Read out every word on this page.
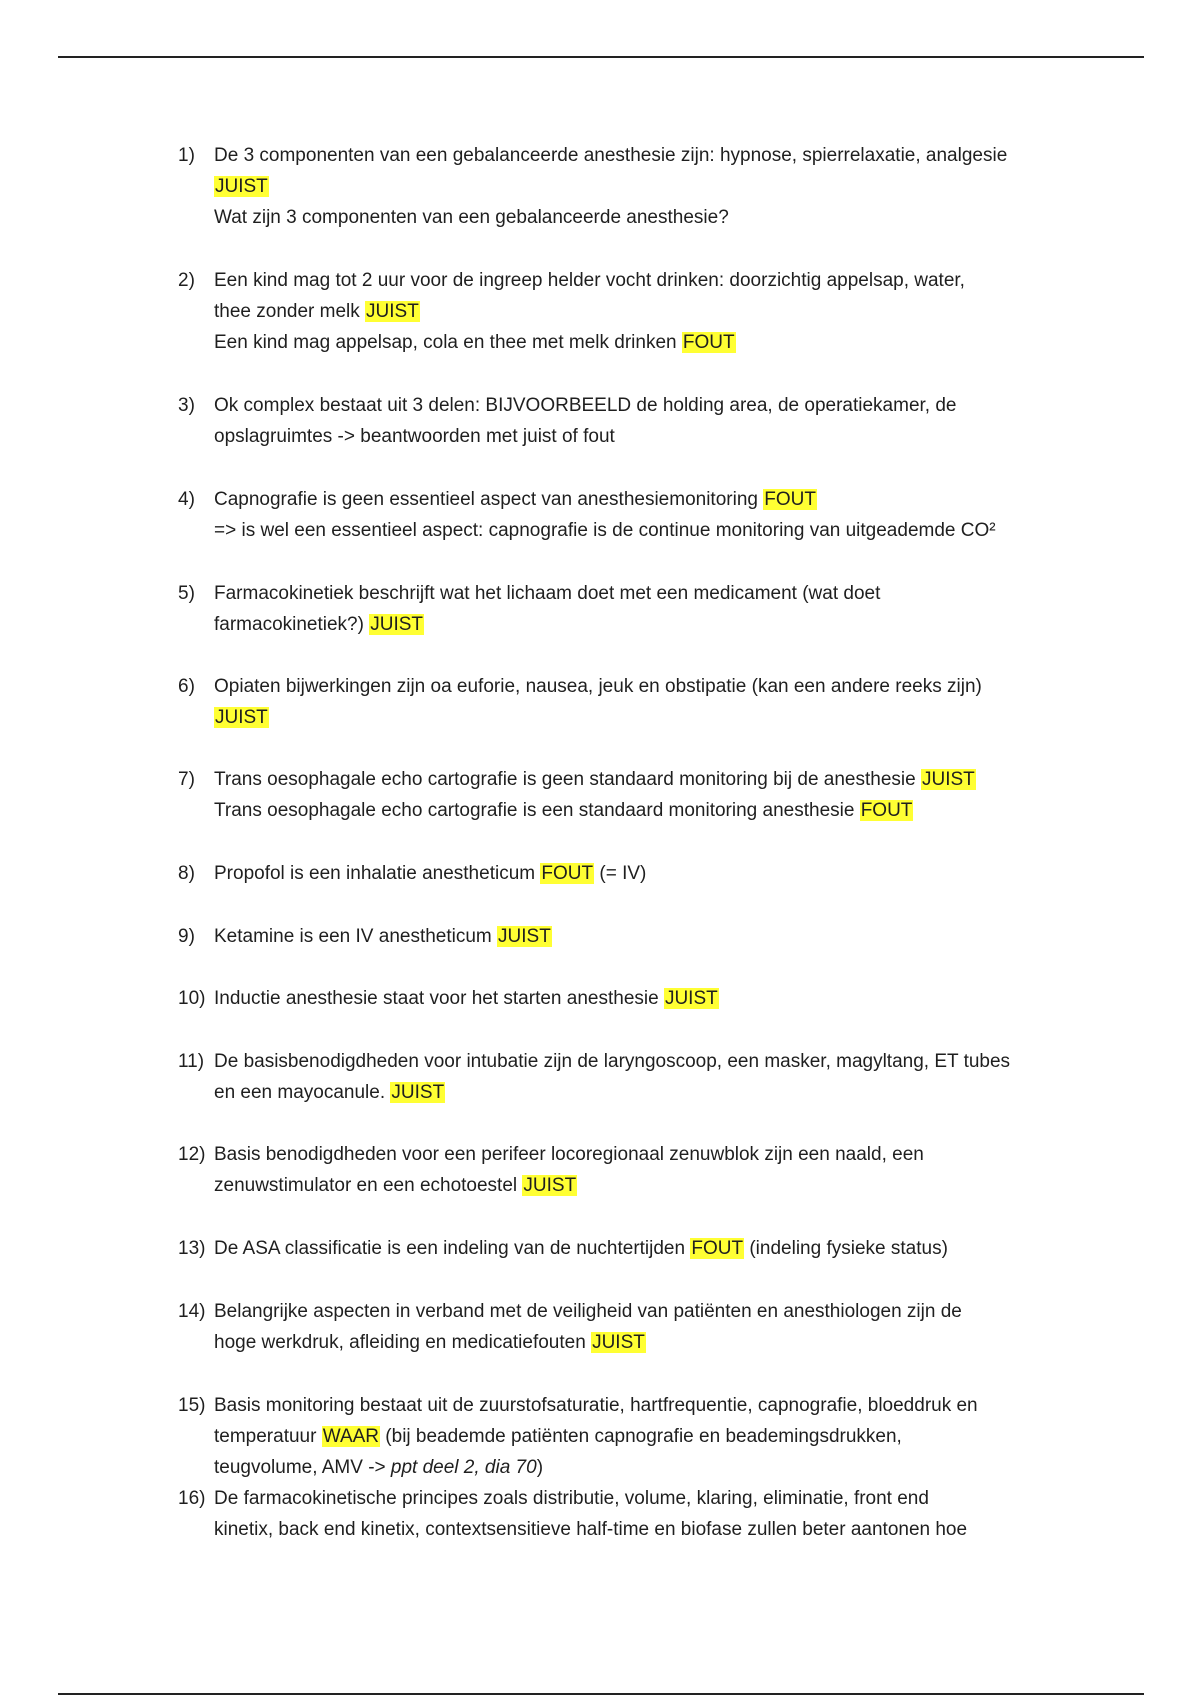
1)	De 3 componenten van een gebalanceerde anesthesie zijn: hypnose, spierrelaxatie, analgesie
JUIST
Wat zijn 3 componenten van een gebalanceerde anesthesie?
2)	Een kind mag tot 2 uur voor de ingreep helder vocht drinken: doorzichtig appelsap, water,
thee zonder melk JUIST
Een kind mag appelsap, cola en thee met melk drinken FOUT
3)	Ok complex bestaat uit 3 delen: BIJVOORBEELD de holding area, de operatiekamer, de
opslagruimtes -> beantwoorden met juist of fout
4)	Capnografie is geen essentieel aspect van anesthesiemonitoring FOUT
=> is wel een essentieel aspect: capnografie is de continue monitoring van uitgeademde CO²
5)	Farmacokinetiek beschrijft wat het lichaam doet met een medicament (wat doet
farmacokinetiek?) JUIST
6)	Opiaten bijwerkingen zijn oa euforie, nausea, jeuk en obstipatie (kan een andere reeks zijn)
JUIST
7)	Trans oesophagale echo cartografie is geen standaard monitoring bij de anesthesie JUIST
Trans oesophagale echo cartografie is een standaard monitoring anesthesie FOUT
8)	Propofol is een inhalatie anestheticum FOUT (= IV)
9)	Ketamine is een IV anestheticum JUIST
10) Inductie anesthesie staat voor het starten anesthesie JUIST
11) De basisbenodigdheden voor intubatie zijn de laryngoscoop, een masker, magyltang, ET tubes
en een mayocanule. JUIST
12) Basis benodigdheden voor een perifeer locoregionaal zenuwblok zijn een naald, een
zenuwstimulator en een echotoestel JUIST
13) De ASA classificatie is een indeling van de nuchtertijden FOUT (indeling fysieke status)
14) Belangrijke aspecten in verband met de veiligheid van patiënten en anesthiologen zijn de
hoge werkdruk, afleiding en medicatiefouten JUIST
15) Basis monitoring bestaat uit de zuurstofsaturatie, hartfrequentie, capnografie, bloeddruk en
temperatuur WAAR (bij beademde patiënten capnografie en beademingsdrukken,
teugvolume, AMV -> ppt deel 2, dia 70)
16) De farmacokinetische principes zoals distributie, volume, klaring, eliminatie, front end
kinetix, back end kinetix, contextsensitieve half-time en biofase zullen beter aantonen hoe
